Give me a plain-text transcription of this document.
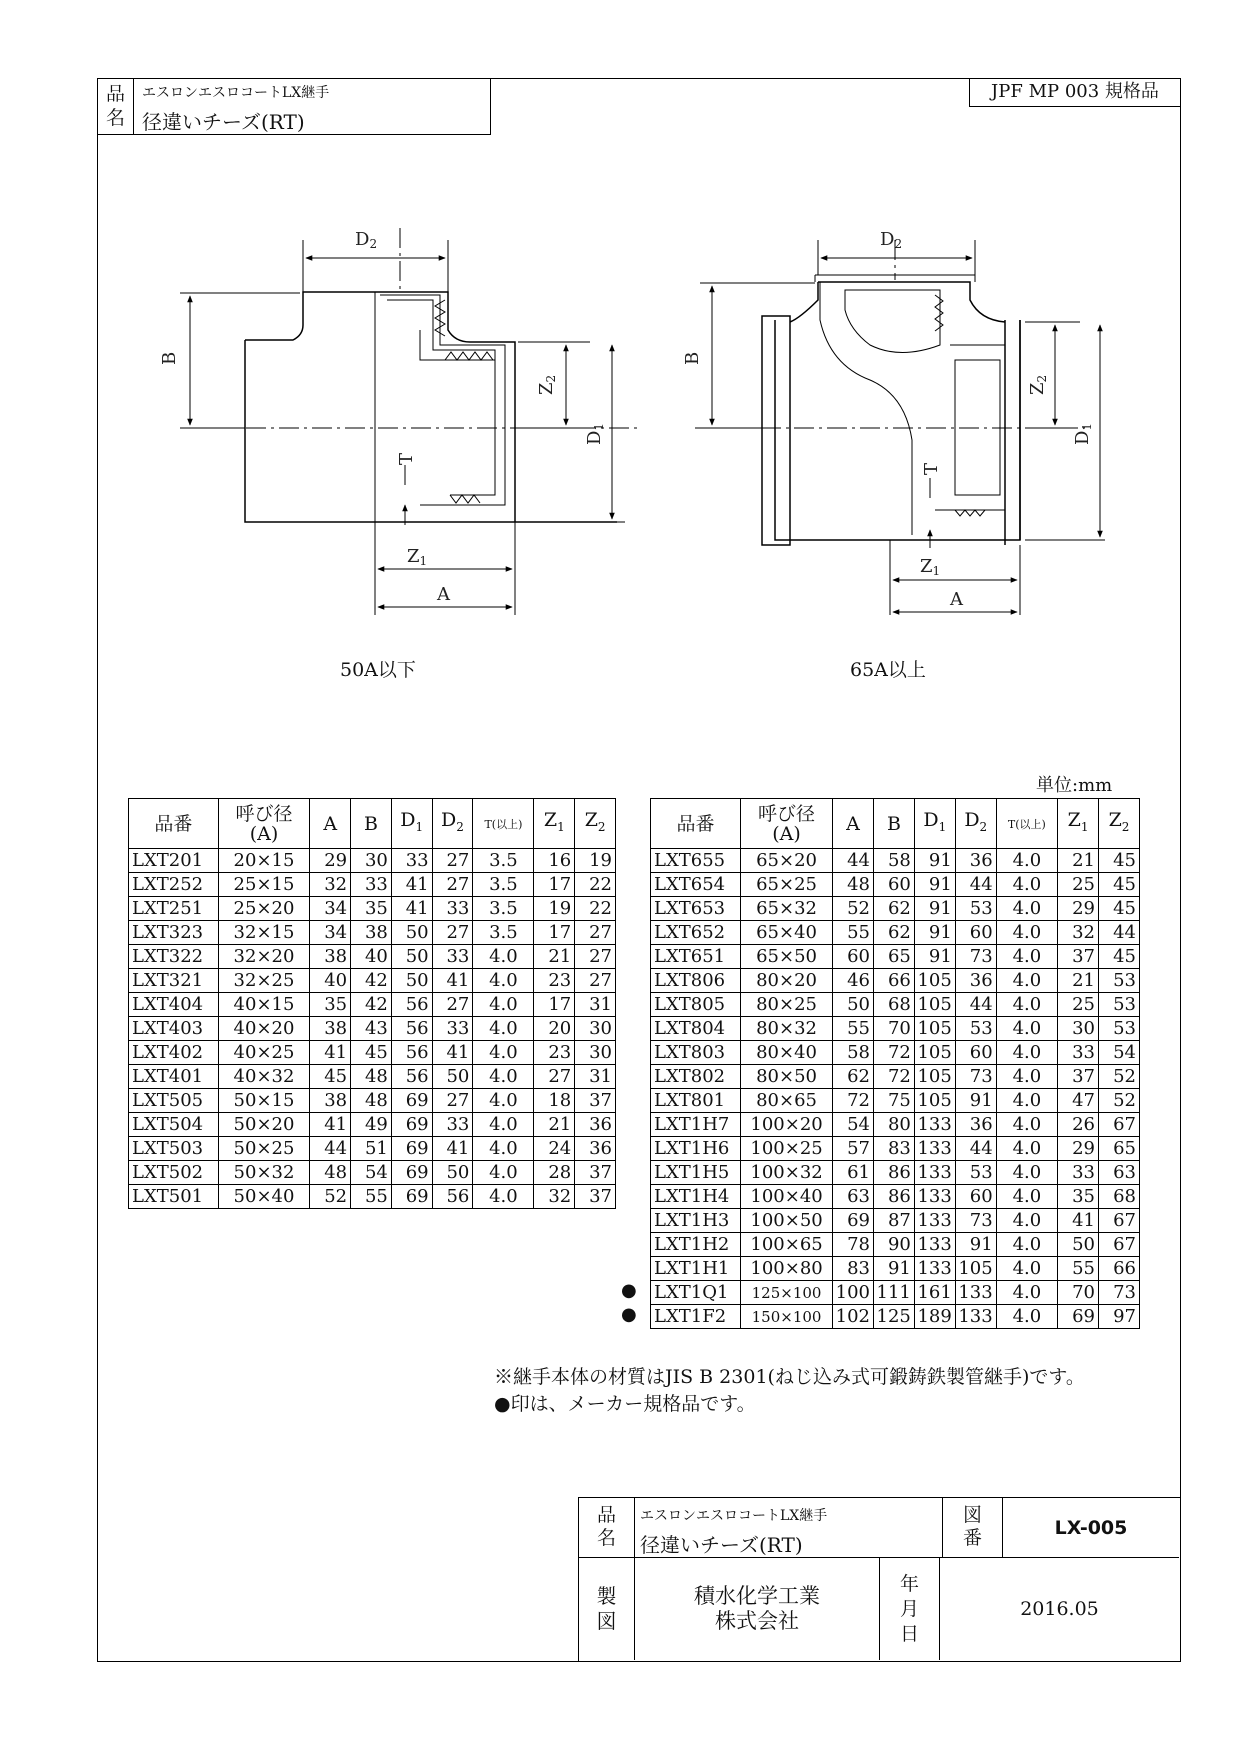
品
名
エスロンエスロコートLX継手
径違いチーズ(RT)
JPF MP 003 規格品
D2
B
Z2
D1
T
Z1
A
D2
B
Z2
D1
T
Z1
A
50A以下	65A以上
単位:mm
品番	呼び径
(A)	A	B	$D_1$	$D_2$	T(以上)	$Z_1$	$Z_2$
LXT201	20×15	29	30	33	27	3.5	16	19
LXT252	25×15	32	33	41	27	3.5	17	22
LXT251	25×20	34	35	41	33	3.5	19	22
LXT323	32×15	34	38	50	27	3.5	17	27
LXT322	32×20	38	40	50	33	4.0	21	27
LXT321	32×25	40	42	50	41	4.0	23	27
LXT404	40×15	35	42	56	27	4.0	17	31
LXT403	40×20	38	43	56	33	4.0	20	30
LXT402	40×25	41	45	56	41	4.0	23	30
LXT401	40×32	45	48	56	50	4.0	27	31
LXT505	50×15	38	48	69	27	4.0	18	37
LXT504	50×20	41	49	69	33	4.0	21	36
LXT503	50×25	44	51	69	41	4.0	24	36
LXT502	50×32	48	54	69	50	4.0	28	37
LXT501	50×40	52	55	69	56	4.0	32	37
品番	呼び径
(A)	A	B	$D_1$	$D_2$	T(以上)	$Z_1$	$Z_2$
LXT655	65×20	44	58	91	36	4.0	21	45
LXT654	65×25	48	60	91	44	4.0	25	45
LXT653	65×32	52	62	91	53	4.0	29	45
LXT652	65×40	55	62	91	60	4.0	32	44
LXT651	65×50	60	65	91	73	4.0	37	45
LXT806	80×20	46	66	105	36	4.0	21	53
LXT805	80×25	50	68	105	44	4.0	25	53
LXT804	80×32	55	70	105	53	4.0	30	53
LXT803	80×40	58	72	105	60	4.0	33	54
LXT802	80×50	62	72	105	73	4.0	37	52
LXT801	80×65	72	75	105	91	4.0	47	52
LXT1H7	100×20	54	80	133	36	4.0	26	67
LXT1H6	100×25	57	83	133	44	4.0	29	65
LXT1H5	100×32	61	86	133	53	4.0	33	63
LXT1H4	100×40	63	86	133	60	4.0	35	68
LXT1H3	100×50	69	87	133	73	4.0	41	67
LXT1H2	100×65	78	90	133	91	4.0	50	67
LXT1H1	100×80	83	91	133	105	4.0	55	66
LXT1Q1	125×100	100	111	161	133	4.0	70	73
LXT1F2	150×100	102	125	189	133	4.0	69	97
●
●
※継手本体の材質はJIS B 2301(ねじ込み式可鍛鋳鉄製管継手)です。
●印は、メーカー規格品です。
品
名
エスロンエスロコートLX継手
径違いチーズ(RT)
図
番	LX-005
製
図
積水化学工業 株式会社
年
月
日
2016.05
